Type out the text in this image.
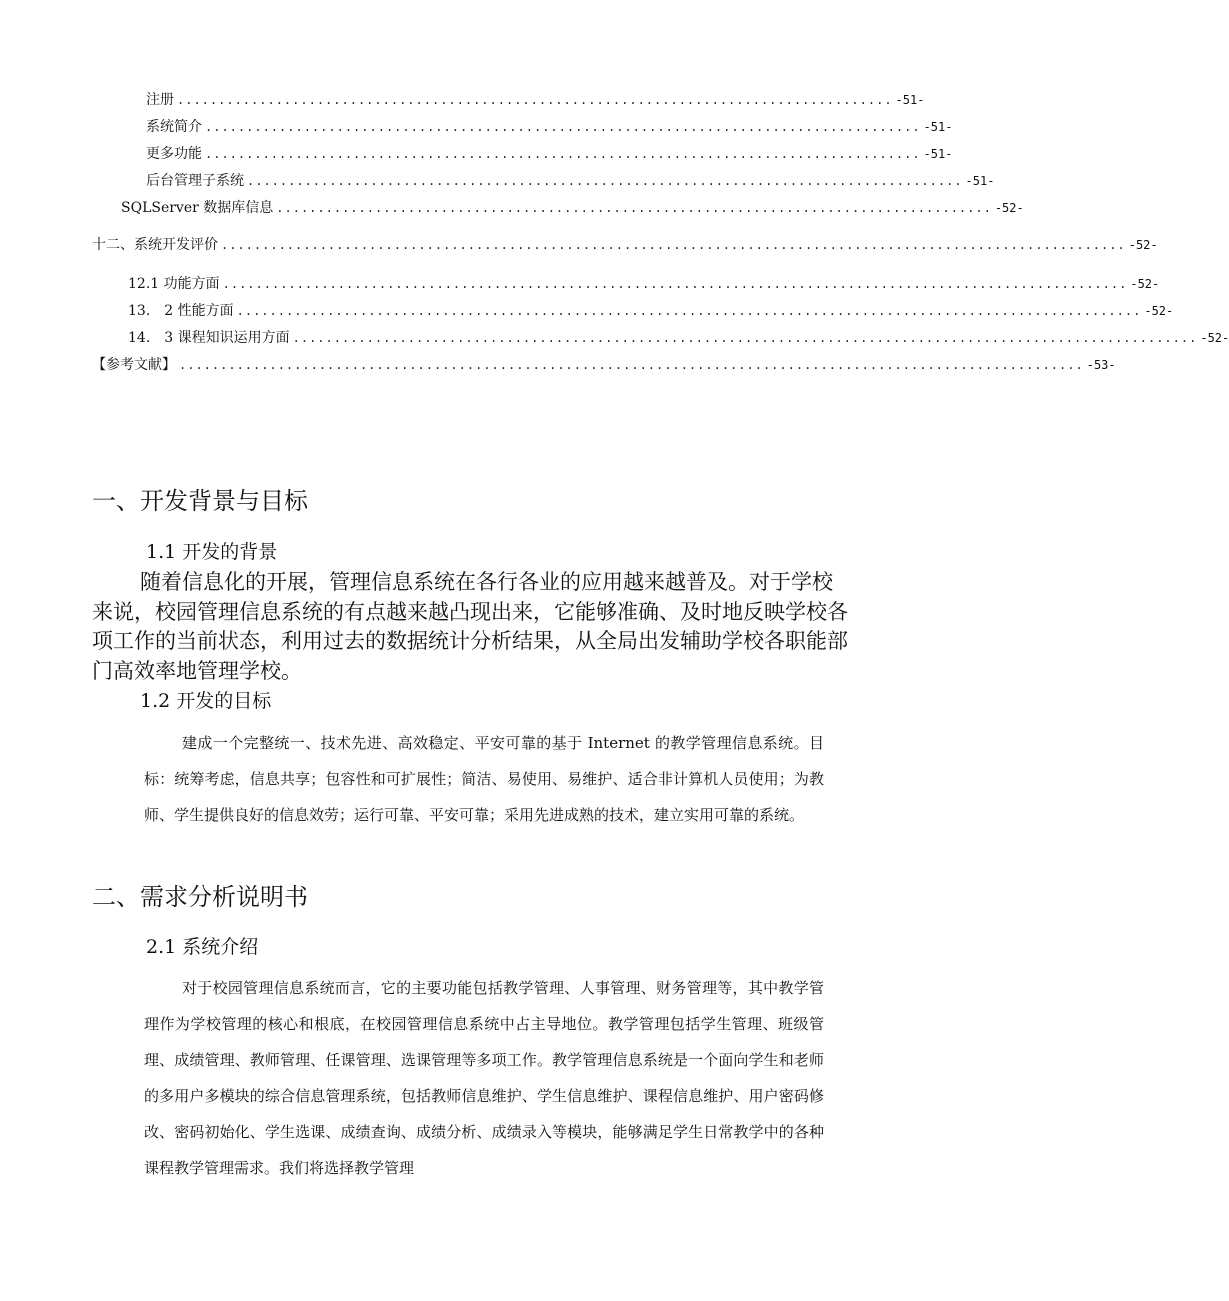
注册 ....................................................................................... -51-
系统简介 ....................................................................................... -51-
更多功能 ....................................................................................... -51-
后台管理子系统 ....................................................................................... -51-
SQLServer 数据库信息 ....................................................................................... -52-
十二、系统开发评价 .............................................................................................................. -52-
12.1 功能方面 .............................................................................................................. -52-
13.　2 性能方面 .............................................................................................................. -52-
14.　3 课程知识运用方面 .............................................................................................................. -52-
【参考文献】 .............................................................................................................. -53-
一、开发背景与目标
1.1 开发的背景
随着信息化的开展，管理信息系统在各行各业的应用越来越普及。对于学校来说，校园管理信息系统的有点越来越凸现出来，它能够准确、及时地反映学校各项工作的当前状态，利用过去的数据统计分析结果，从全局出发辅助学校各职能部门高效率地管理学校。
1.2 开发的目标
建成一个完整统一、技术先进、高效稳定、平安可靠的基于 Internet 的教学管理信息系统。目标：统筹考虑，信息共享；包容性和可扩展性；简洁、易使用、易维护、适合非计算机人员使用；为教师、学生提供良好的信息效劳；运行可靠、平安可靠；采用先进成熟的技术，建立实用可靠的系统。
二、需求分析说明书
2.1 系统介绍
对于校园管理信息系统而言，它的主要功能包括教学管理、人事管理、财务管理等，其中教学管理作为学校管理的核心和根底，在校园管理信息系统中占主导地位。教学管理包括学生管理、班级管理、成绩管理、教师管理、任课管理、选课管理等多项工作。教学管理信息系统是一个面向学生和老师的多用户多模块的综合信息管理系统，包括教师信息维护、学生信息维护、课程信息维护、用户密码修改、密码初始化、学生选课、成绩查询、成绩分析、成绩录入等模块，能够满足学生日常教学中的各种课程教学管理需求。我们将选择教学管理
